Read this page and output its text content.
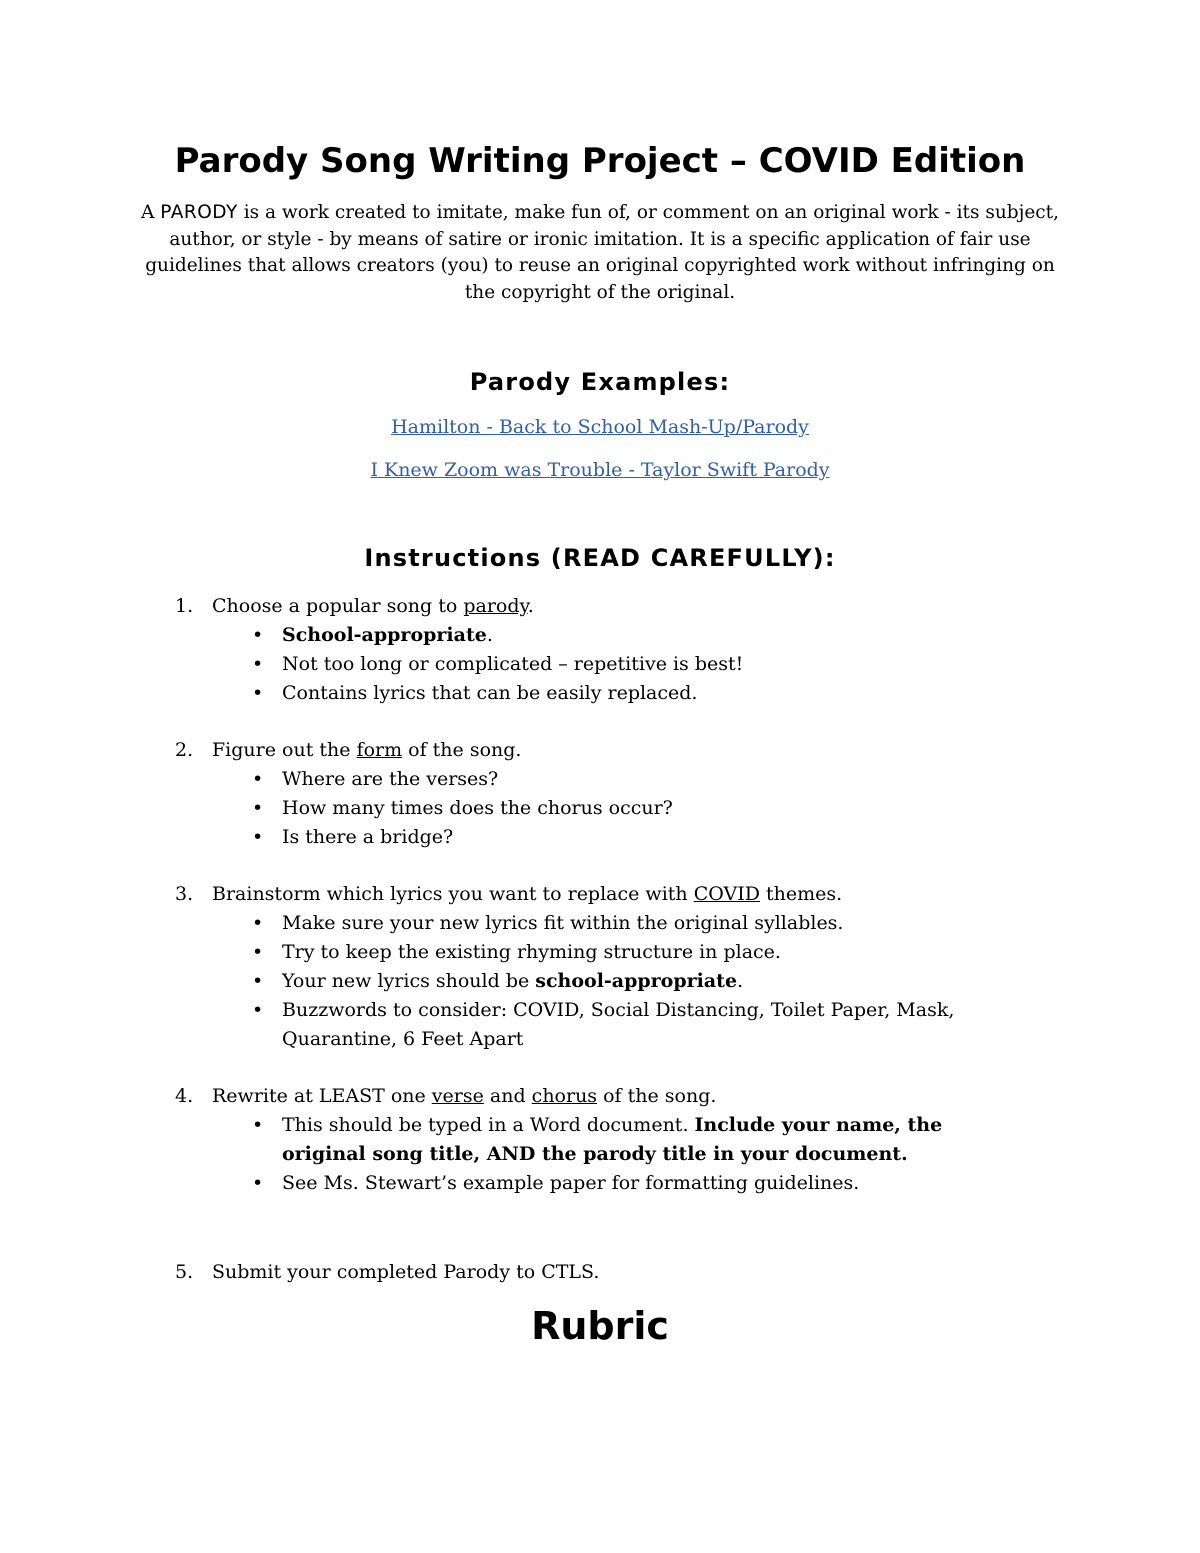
Parody Song Writing Project – COVID Edition

A PARODY is a work created to imitate, make fun of, or comment on an original work - its subject, author, or style - by means of satire or ironic imitation. It is a specific application of fair use guidelines that allows creators (you) to reuse an original copyrighted work without infringing on the copyright of the original.

Parody Examples:
Hamilton - Back to School Mash-Up/Parody
I Knew Zoom was Trouble - Taylor Swift Parody
Instructions (READ CAREFULLY):
1. Choose a popular song to parody.
• School-appropriate.
• Not too long or complicated – repetitive is best!
• Contains lyrics that can be easily replaced.
2. Figure out the form of the song.
• Where are the verses?
• How many times does the chorus occur?
• Is there a bridge?
3. Brainstorm which lyrics you want to replace with COVID themes.
• Make sure your new lyrics fit within the original syllables.
• Try to keep the existing rhyming structure in place.
• Your new lyrics should be school-appropriate.
• Buzzwords to consider: COVID, Social Distancing, Toilet Paper, Mask, Quarantine, 6 Feet Apart
4. Rewrite at LEAST one verse and chorus of the song.
• This should be typed in a Word document. Include your name, the original song title, AND the parody title in your document.
• See Ms. Stewart’s example paper for formatting guidelines.
5. Submit your completed Parody to CTLS.
Rubric
